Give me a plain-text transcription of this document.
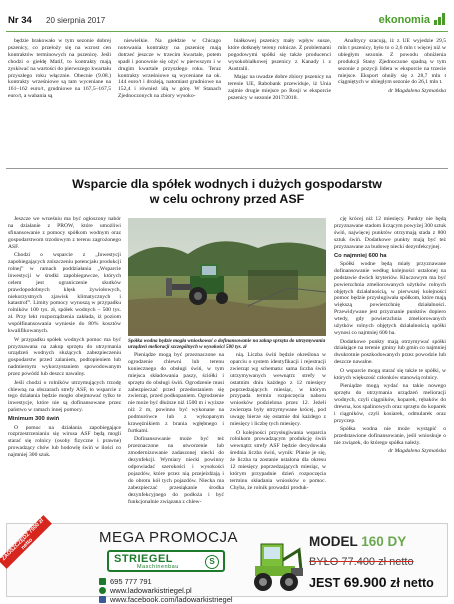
Nr 34 20 sierpnia 2017	ekonomia

będzie brakowało w tym sezonie dobrej pszenicy, co przełoży się na wzrost cen kontraktów terminowych na pszenicę. Jeśli chodzi o giełdę Matif, to kontrakty mają zyskiwać na wartości do pierwszego kwartału przyszłego roku włącznie. Obecnie (9.08.) kontrakty wrześniowe są tam wyceniane na 161–162 euro/t, grudniowe na 167,5–167,5 euro/t, a wahania są

niewielkie. Na giełdzie w Chicago notowania kontrakty na pszenicę mają dotrzeć jeszcze w trzecim kwartale, potem spadł i ponownie się ożyć w pierwszym i w drugim kwartale przyszłego roku. Teraz kontrakty wrześniowe są wyceniane na ok. 144 euro/t i drożeją, natomiast grudniowe na 152,4 i również idą w górę. W Stanach Zjednoczonych na zbiory wysoko-

białkowej pszenicy mały wpływ susze, które dotknęły tereny rolnicze. Z problemami pogodowymi spółki się także producenci wysokobiałkowej pszenicy z Kanady i z Australii.

Mając na uwadze dobre zbiory pszenicy na terenie UE, Rabobank przewiduje, iż Unia zajmie drugie miejsce po Rosji w eksporcie pszenicy w sezonie 2017/2018.

Analitycy szacują, iż z UE wyjedzie 29,5 mln t pszenicy, było to o 2,6 mln t więcej niż w ubiegłym sezonie. Z powodu obniżenia produkcji Stany Zjednoczone spadną w tym sezonie z pozycji lidera w eksporcie na trzecie miejsce. Eksport ohniły się z 28,7 mln t ciągniętych w ubiegłym sezonie do 26,1 mln t.

dr Magdalena Szymańska

Wsparcie dla spółek wodnych i dużych gospodarstw
w celu ochrony przed ASF

Jeszcze we wrześniu ma być ogłoszony nabór na działanie z PROW, które umożliwi sfinansowanie z pomocy spółkom wodnym oraz gospodarstwom trzodowym z terenu zagrożonego ASF.

Chodzi o wsparcie z „Inwestycji zapobiegających zniszczeniu potencjału produkcji rolnej” w ramach poddziałania „Wsparcie inwestycji w środki zapobiegawcze, których celem jest ograniczenie skutków prawdopodobnych klęsk żywiołowych, niekorzystnych zjawisk klimatycznych i katastrof”. Limity pomocy wynoszą w przypadku rolników 100 tys. zł, spółek wodnych – 500 tys. zł. Przy lekt rozporządzenia zakłada, iż poziom współfinansowania wyniesie do 80% kosztów kwalifikowanych.

W przypadku spółek wodnych pomoc ma być przyznawana na zakup sprzętu do utrzymania urządzeń wodnych służących zabezpieczeniu gospodarstw przed zalaniem, podtopieniem lub nadmiernym wykorzystaniem spowodowanym przez powódź lub deszcz nawalny.

Jeśli chodzi o rolników utrzymujących trzodę chlewną na obszarach strefy ASF, to wsparcie z tego działania będzie mogło obejmować tylko te inwestycje, które nie są dofinansowane przez państwo w ramach innej pomocy.

Minimum 300 świń

O pomoc na działania zapobiegające rozprzestrzenianiu się wirusa ASF będą mogli starać się rolnicy (osoby fizyczne i prawne) prowadzący chów lub hodowlę świń w ilości co najmniej 300 szuk.

Spółka wodna będzie mogła wnioskować o dofinansowanie na zakup sprzętu do utrzymywania urządzeń melioracji szczególnych w wysokości 500 tys. zł

Pieniądze mogą być przeznaczone na ogrodzenie chlewni lub terenu koniecznego do obsługi świń, w tym miejsca składowania paszy, ściółki i sprzętu do obsługi świń. Ogrodzenie musi zabezpieczać przed przedostaniem się zwierząt, przed podkopaniem. Ogrodzenie nie może być dłuższe niż 1500 m i wyższe niż 2 m, powinno być wykonane na podmurówce lub z wykopanym krawężnikiem z brania wgłębnego i furtkami.

Dofinansowanie może być też przeznaczone na utworzenie lub zmodernizowanie zadaszonej niecki do dezynfekcji. Wymiary niecki powinny odpowiadać szerokości i wysokości pojazdów, które przez nią przejeżdżają i do obrotu kół tych pojazdów. Niecka ma zabezpieczać przesiąkanie środka dezynfekcyjnego do podłoża i być funkcjonalnie związana z chlew-

nią. Liczba świń będzie określona w oparciu o system identyfikacji i rejestracji zwierząt wg schematu: sama liczba świń utrzymywanych wewnątrz strefy w ostatnim dniu każdego z 12 miesięcy poprzedzających miesiąc, w którym przypada termin rozpoczęcia naboru wniosków podzielona przez 12. Jeżeli zwierzęta były utrzymywane krócej, pod uwagę bierze się ostatnie dni każdego z miesięcy i liczbę tych miesięcy.

O kolejności przysługiwania wsparcia rolnikom prowadzącym produkcję świń wewnątrz strefy ASF będzie decydowała średnia liczba świń, wynik: Planie je się, że liczba ta zostanie ustalona dla okresu 12 miesięcy poprzedzających miesiąc, w którym przypadnie dzień rozpoczęcia terminu składania wniosków o pomoc. Chyba, że rolnik prowadzi produk-

cję krócej niż 12 miesięcy. Punkty nie będą przyznawane stadom liczącym powyżej 300 sztuk świń, najwięcej punktów otrzymają stada z 800 sztuk świń. Dodatkowe punkty mają być też przyznawane za budowę niecki dezynfekcyjnej.

Co najmniej 600 ha

Spółki wodne będą miały przyznawane dofinansowanie według kolejności ustalonej na podstawie dwóch kryteriów. Kluczowym ma być powierzchnia zmeliorowanych użytków rolnych objętych działalnością, w pierwszej kolejności pomoc będzie przysługiwała spółkom, które mają większą powierzchnię działalności. Przewidywane jest przyznanie punktów dopiero wtedy, gdy powierzchnia zmeliorowanych użytków rolnych objętych działalnością spółki wynosi co najmniej 600 ha.

Dodatkowe punkty mają otrzymywać spółki działające na terenie gminy lub gmin co najmniej dwukrotnie poszkodowanych przez powodzie lub deszcze nawalne.

O wsparcie mogą starać się także te spółki, w których większość członków stanowią rolnicy.

Pieniądze mogą wydać na takie nowego sprzętu do utrzymania urządzeń melioracji wodnych, czyli ciągników, koparek, rębaków do drewna, kos spalinowych oraz sprzętu do koparek i ciągników, czyli kosiarek, odmularek oraz przyczep.

Spółka wodna nie może wystąpić o przedstawione dofinansowanie, jeśli wnioskuje o nie związek, do którego spółka należy.

dr Magdalena Szymańska

ZAOSZCZĘDŹ 7900 zł netto	MEGA PROMOCJA
STRIEGEL
Maschinenbau
S
695 777 791
www.ladowarkistriegel.pl
www.facebook.com/ladowarkistriegel
MODEL 160 DY
BYŁO 77.400 zł netto
JEST 69.900 zł netto
